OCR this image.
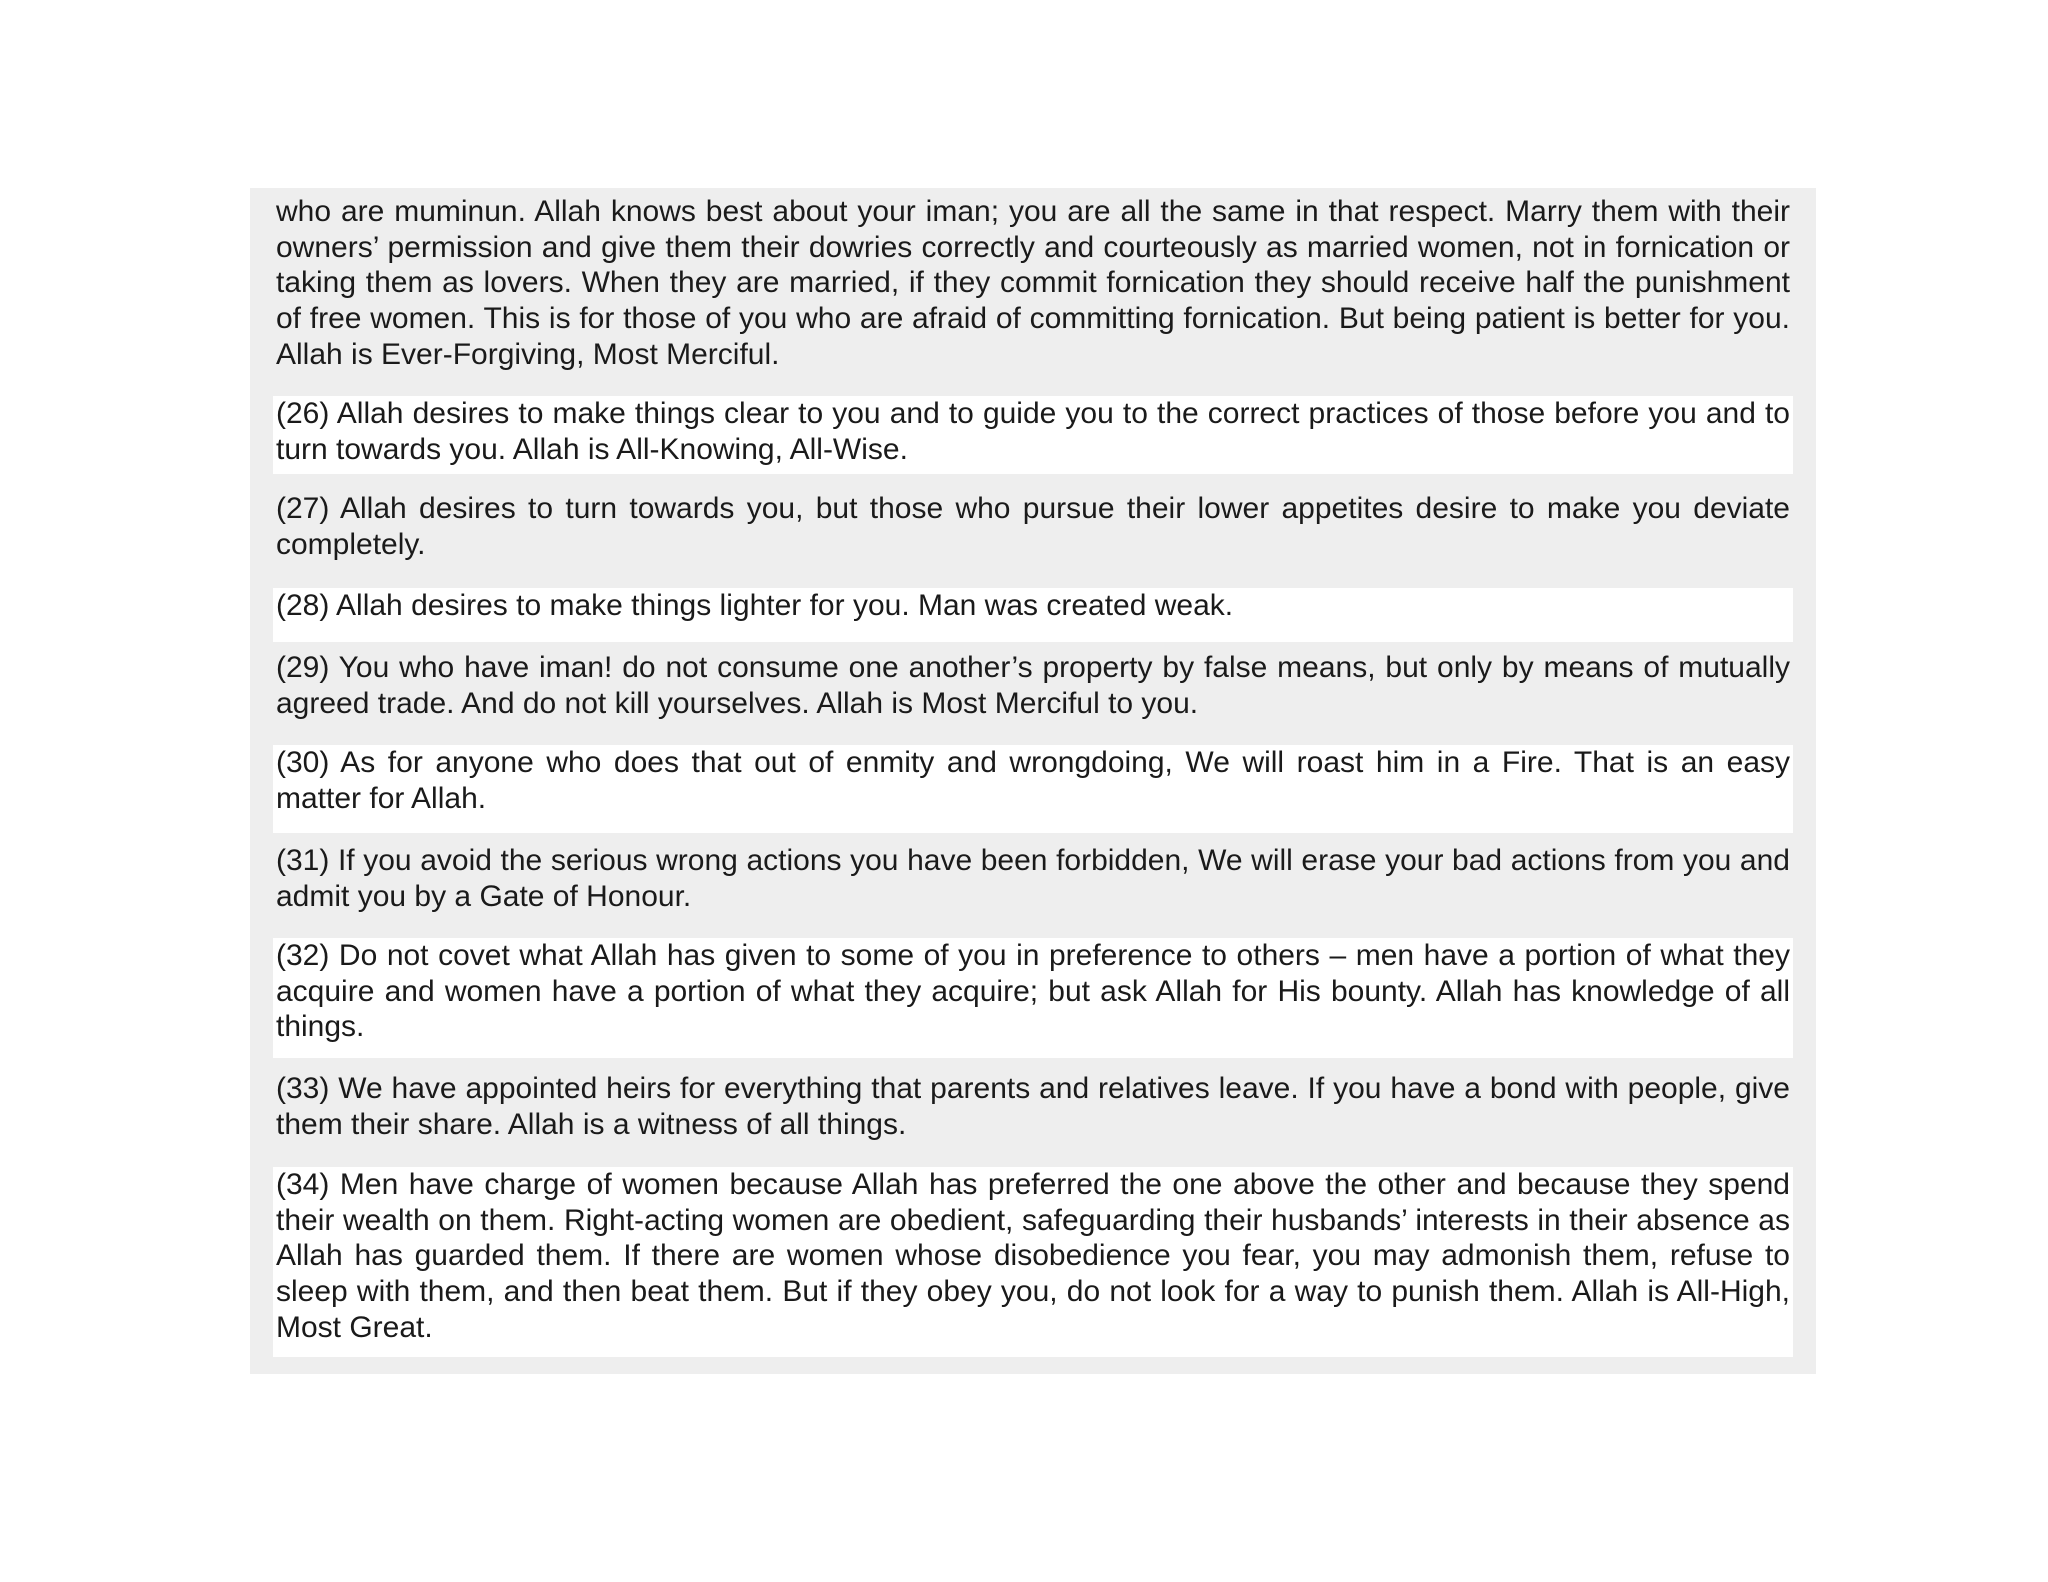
who are muminun. Allah knows best about your iman; you are all the same in that respect. Marry them with their owners’ permission and give them their dowries correctly and courteously as married women, not in fornication or taking them as lovers. When they are married, if they commit fornication they should receive half the punishment of free women. This is for those of you who are afraid of committing fornication. But being patient is better for you. Allah is Ever-Forgiving, Most Merciful.

(26) Allah desires to make things clear to you and to guide you to the correct practices of those before you and to turn towards you. Allah is All-Knowing, All-Wise.

(27) Allah desires to turn towards you, but those who pursue their lower appetites desire to make you deviate completely.

(28) Allah desires to make things lighter for you. Man was created weak.

(29) You who have iman! do not consume one another’s property by false means, but only by means of mutually agreed trade. And do not kill yourselves. Allah is Most Merciful to you.

(30) As for anyone who does that out of enmity and wrongdoing, We will roast him in a Fire. That is an easy matter for Allah.

(31) If you avoid the serious wrong actions you have been forbidden, We will erase your bad actions from you and admit you by a Gate of Honour.

(32) Do not covet what Allah has given to some of you in preference to others – men have a portion of what they acquire and women have a portion of what they acquire; but ask Allah for His bounty. Allah has knowledge of all things.

(33) We have appointed heirs for everything that parents and relatives leave. If you have a bond with people, give them their share. Allah is a witness of all things.

(34) Men have charge of women because Allah has preferred the one above the other and because they spend their wealth on them. Right-acting women are obedient, safeguarding their husbands’ interests in their absence as Allah has guarded them. If there are women whose disobedience you fear, you may admonish them, refuse to sleep with them, and then beat them. But if they obey you, do not look for a way to punish them. Allah is All-High, Most Great.
